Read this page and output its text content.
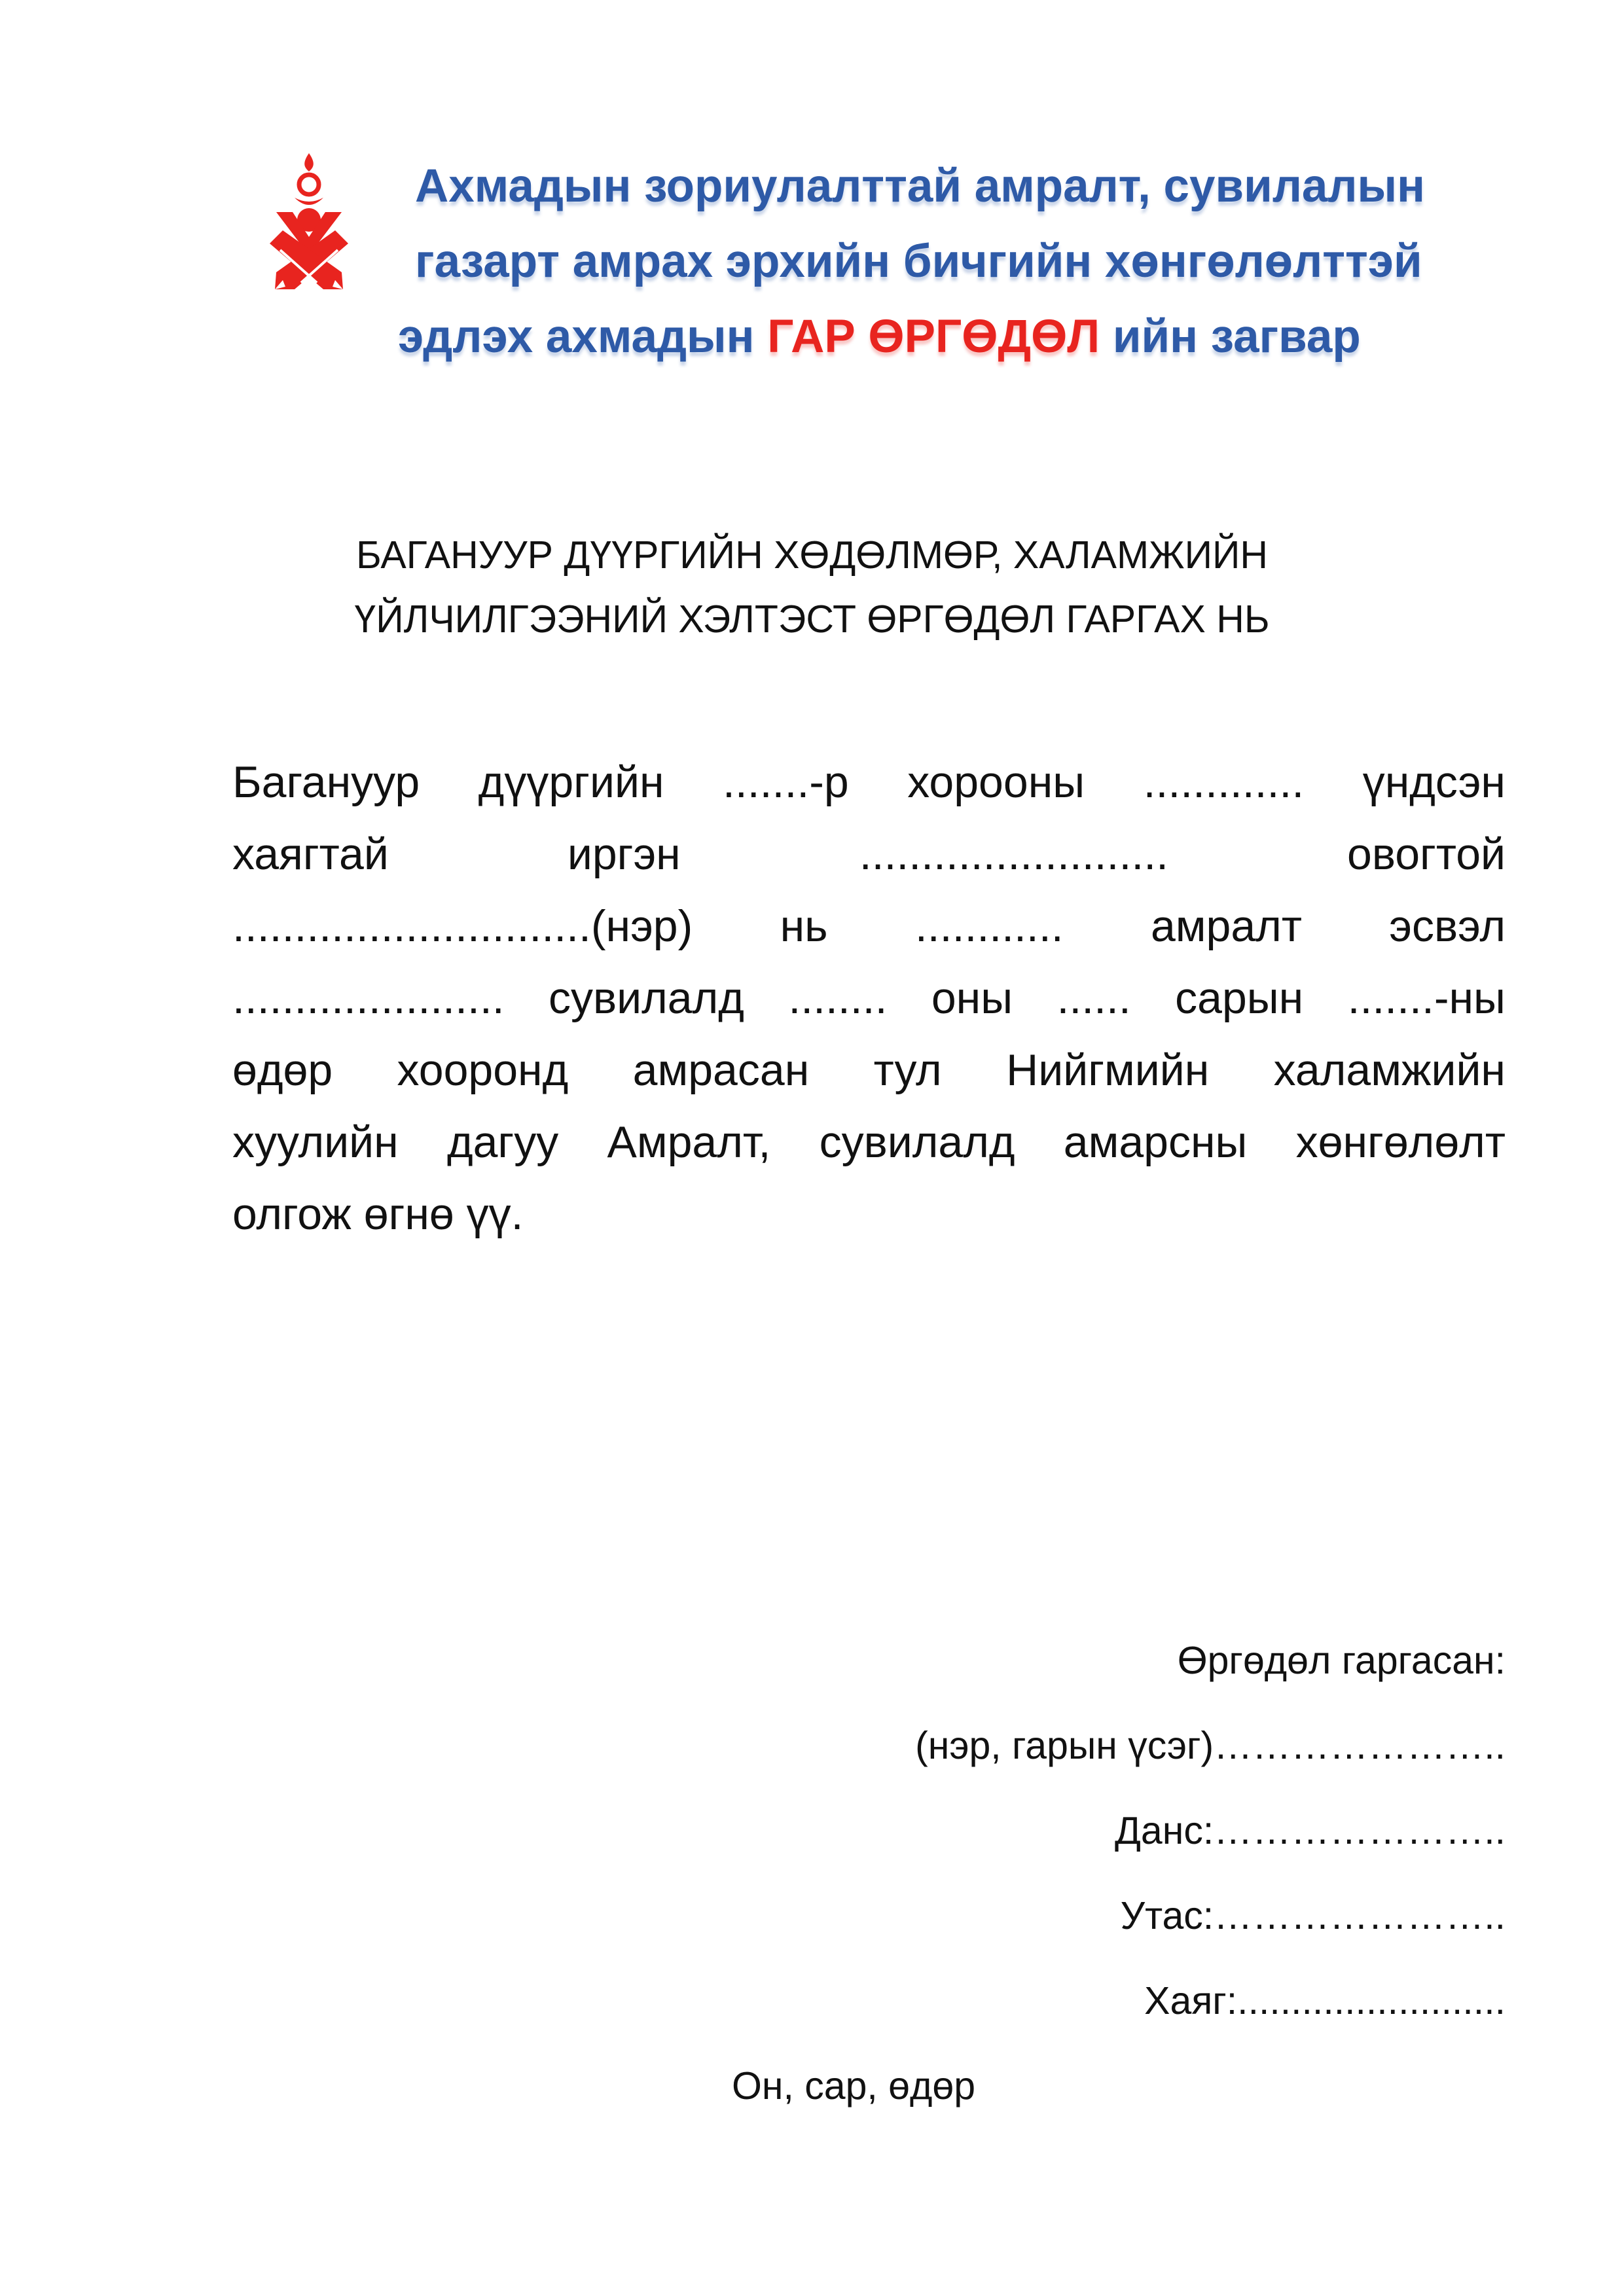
Ахмадын зориулалттай амралт, сувилалын
газарт амрах эрхийн бичгийн хөнгөлөлттэй
эдлэх ахмадын ГАР ӨРГӨДӨЛ ийн загвар
БАГАНУУР ДҮҮРГИЙН ХӨДӨЛМӨР, ХАЛАМЖИЙН
ҮЙЛЧИЛГЭЭНИЙ ХЭЛТЭСТ ӨРГӨДӨЛ ГАРГАХ НЬ
Багануур дүүргийн .......-р хорооны ............. үндсэн
хаягтай	иргэн	.........................	овогтой
.............................(нэр) нь ............ амралт эсвэл
...................... сувилалд ........ оны ...... сарын .......-ны
өдөр хооронд амрасан тул Нийгмийн халамжийн
хуулийн дагуу Амралт, сувилалд амарсны хөнгөлөлт
олгож өгнө үү.
Өргөдөл гаргасан:
(нэр, гарын үсэг)…………………..
Данс:…………………..
Утас:…………………..
Хаяг:.........................
Он, сар, өдөр
